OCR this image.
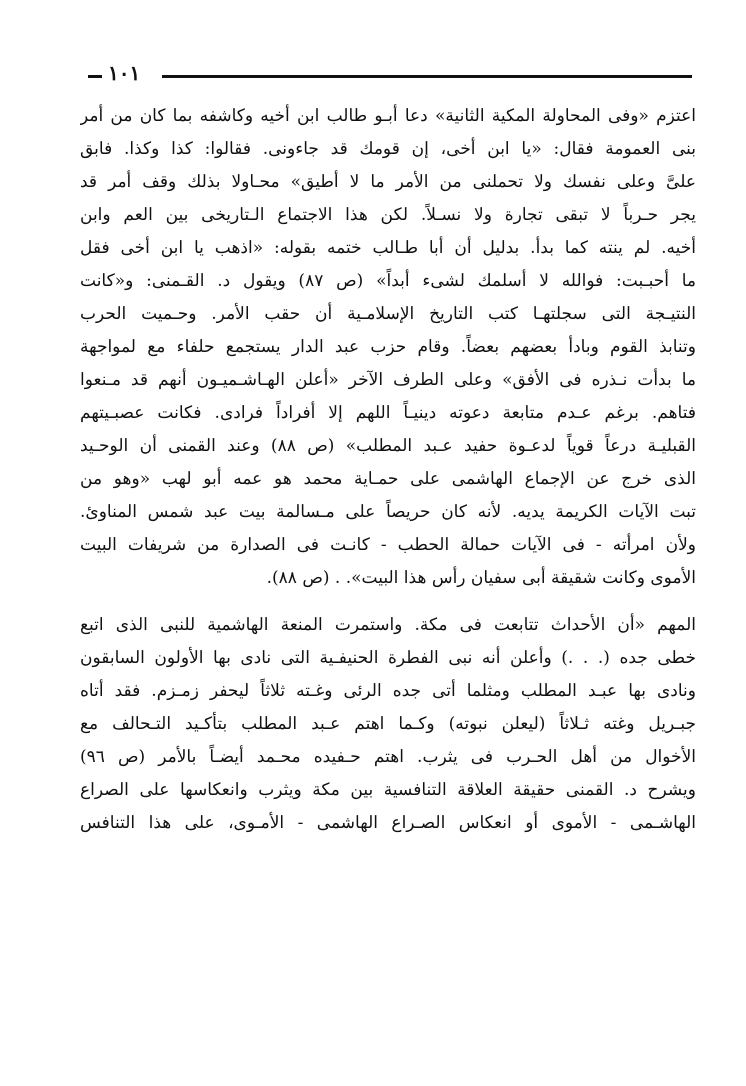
١٠١

اعتزم «وفى المحاولة المكية الثانية» دعا أبـو طالب ابن أخيه وكاشفه بما كان من أمر
بنى العمومة فقال: «يا ابن أخى، إن قومك قد جاءونى. فقالوا: كذا وكذا. فابق
علىَّ وعلى نفسك ولا تحملنى من الأمر ما لا أطيق» محـاولا بذلك وقف أمر قد
يجر حـرباً لا تبقى تجارة ولا نسـلاً. لكن هذا الاجتماع الـتاريخى بين العم وابن
أخيه. لم ينته كما بدأ. بدليل أن أبا طـالب ختمه بقوله: «اذهب يا ابن أخى فقل
ما أحبـبت: فوالله لا أسلمك لشىء أبداً» (ص ٨٧) ويقول د. القـمنى: و«كانت
النتيـجة التى سجلتهـا كتب التاريخ الإسلامـية أن حقب الأمر. وحـميت الحرب
وتنابذ القوم وبادأ بعضهم بعضاً. وقام حزب عبد الدار يستجمع حلفاء مع لمواجهة
ما بدأت نـذره فى الأفق» وعلى الطرف الآخر «أعلن الهـاشـميـون أنهم قد مـنعوا
فتاهم. برغم عـدم متابعة دعوته دينيـاً اللهم إلا أفراداً فرادى. فكانت عصبـيتهم
القبليـة درعاً قوياً لدعـوة حفيد عـبد المطلب» (ص ٨٨) وعند القمنى أن الوحـيد
الذى خرج عن الإجماع الهاشمى على حمـاية محمد هو عمه أبو لهب «وهو من
تبت الآيات الكريمة يديه. لأنه كان حريصاً على مـسالمة بيت عبد شمس المناوئ.
ولأن امرأته - فى الآيات حمالة الحطب - كانـت فى الصدارة من شريفات البيت
الأموى وكانت شقيقة أبى سفيان رأس هذا البيت». . (ص ٨٨).

المهم «أن الأحداث تتابعت فى مكة. واستمرت المنعة الهاشمية للنبى الذى اتبع
خطى جده (. . .) وأعلن أنه نبى الفطرة الحنيفـية التى نادى بها الأولون السابقون
ونادى بها عبـد المطلب ومثلما أتى جده الرئى وغـته ثلاثاً ليحفر زمـزم. فقد أتاه
جبـريل وغته ثـلاثاً (ليعلن نبوته) وكـما اهتم عـبد المطلب بتأكـيد التـحالف مع
الأخوال من أهل الحـرب فى يثرب. اهتم حـفيده محـمد أيضـاً بالأمر (ص ٩٦)
ويشرح د. القمنى حقيقة العلاقة التنافسية بين مكة ويثرب وانعكاسها على الصراع
الهاشـمى - الأموى أو انعكاس الصـراع الهاشمى - الأمـوى، على هذا التنافس
